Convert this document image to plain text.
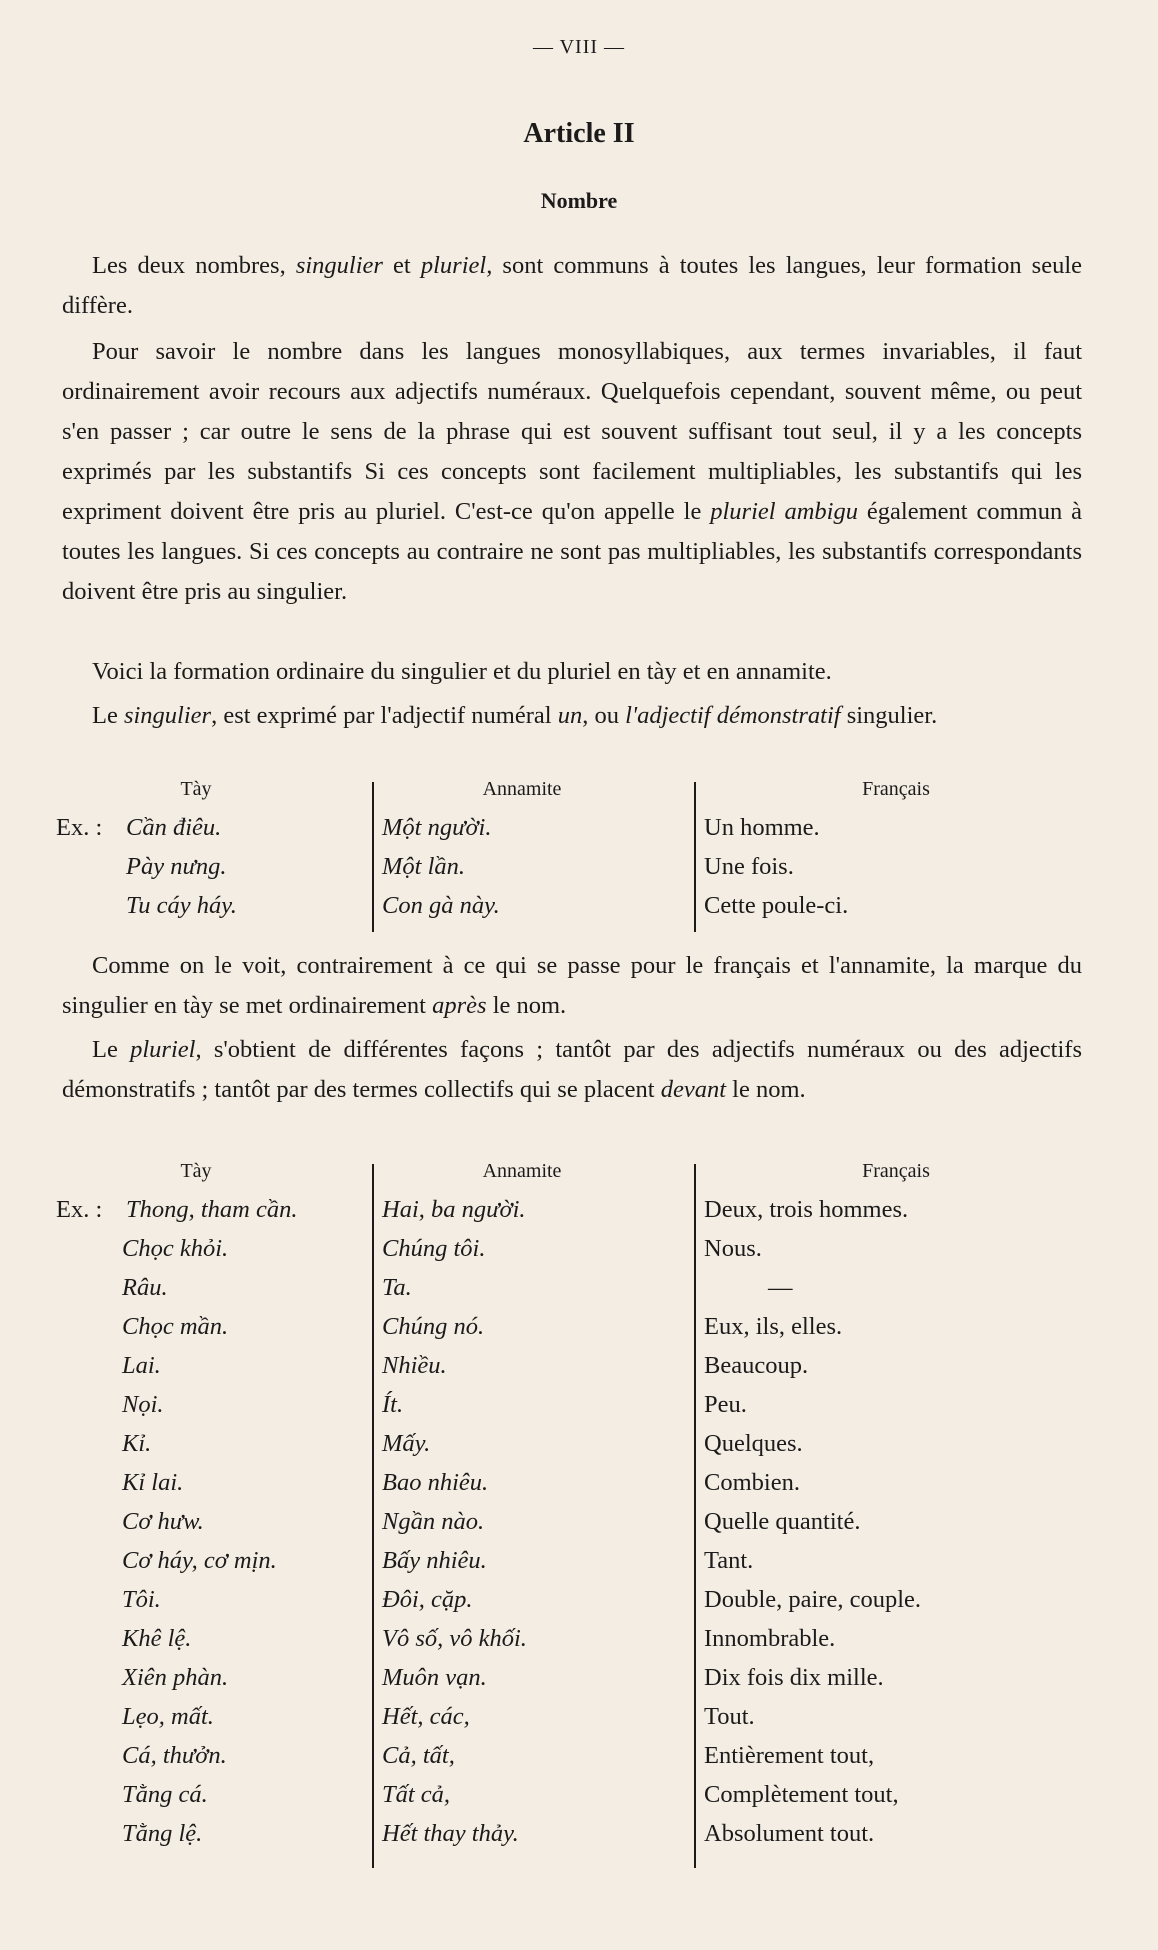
— VIII —
Article II
Nombre
Les deux nombres, singulier et pluriel, sont communs à toutes les langues, leur formation seule diffère.
Pour savoir le nombre dans les langues monosyllabiques, aux termes invariables, il faut ordinairement avoir recours aux adjectifs numéraux. Quelquefois cependant, souvent même, ou peut s'en passer ; car outre le sens de la phrase qui est souvent suffisant tout seul, il y a les concepts exprimés par les substantifs Si ces concepts sont facilement multipliables, les substantifs qui les expriment doivent être pris au pluriel. C'est-ce qu'on appelle le pluriel ambigu également commun à toutes les langues. Si ces concepts au contraire ne sont pas multipliables, les substantifs correspondants doivent être pris au singulier.
Voici la formation ordinaire du singulier et du pluriel en tày et en annamite.
Le singulier, est exprimé par l'adjectif numéral un, ou l'adjectif démonstratif singulier.
Tày	Annamite	Français
Ex. : Cần điêu.	Một người.	Un homme.
Pày nưng.	Một lần.	Une fois.
Tu cáy háy.	Con gà này.	Cette poule-ci.
Comme on le voit, contrairement à ce qui se passe pour le français et l'annamite, la marque du singulier en tày se met ordinairement après le nom.
Le pluriel, s'obtient de différentes façons ; tantôt par des adjectifs numéraux ou des adjectifs démonstratifs ; tantôt par des termes collectifs qui se placent devant le nom.
Tày	Annamite	Français
Ex. : Thong, tham cần.	Hai, ba người.	Deux, trois hommes.
Chọc khỏi.	Chúng tôi.	Nous.
Râu.	Ta.	—
Chọc mần.	Chúng nó.	Eux, ils, elles.
Lai.	Nhiều.	Beaucoup.
Nọi.	Ít.	Peu.
Kỉ.	Mấy.	Quelques.
Kỉ lai.	Bao nhiêu.	Combien.
Cơ hưw.	Ngần nào.	Quelle quantité.
Cơ háy, cơ mịn.	Bấy nhiêu.	Tant.
Tôi.	Đôi, cặp.	Double, paire, couple.
Khê lệ.	Vô số, vô khối.	Innombrable.
Xiên phàn.	Muôn vạn.	Dix fois dix mille.
Lẹo, mất.	Hết, các,	Tout.
Cá, thưởn.	Cả, tất,	Entièrement tout,
Tằng cá.	Tất cả,	Complètement tout,
Tằng lệ.	Hết thay thảy.	Absolument tout.
